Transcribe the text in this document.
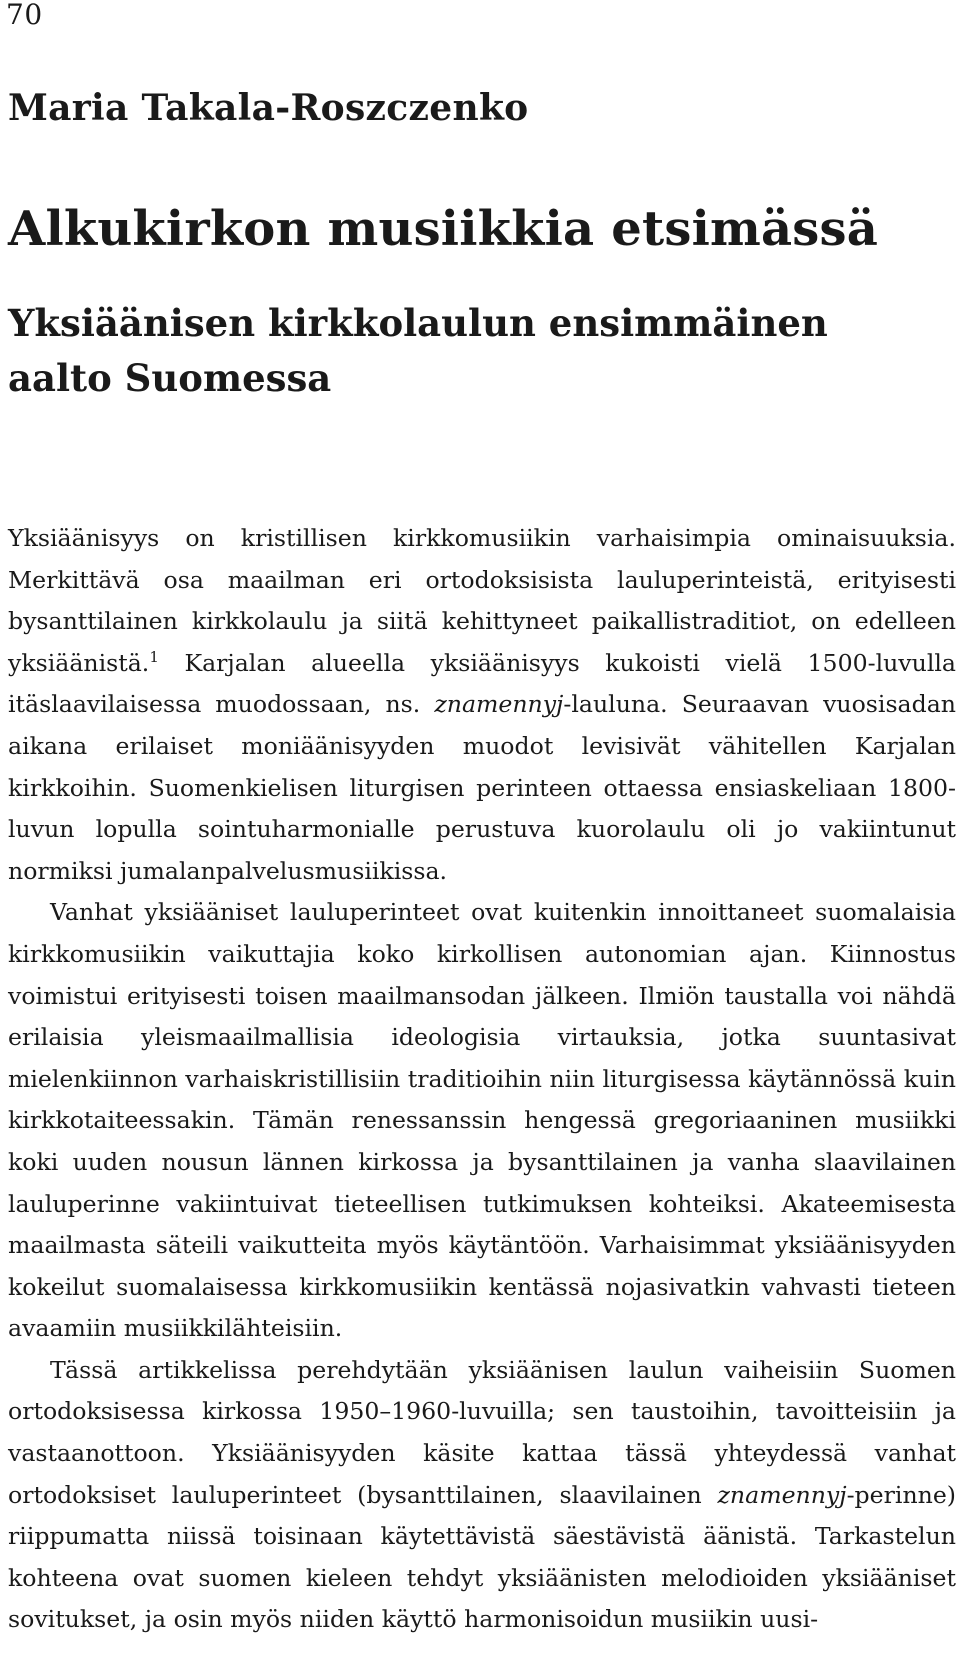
70
Maria Takala-Roszczenko
Alkukirkon musiikkia etsimässä
Yksiäänisen kirkkolaulun ensimmäinen aalto Suomessa

Yksiäänisyys on kristillisen kirkkomusiikin varhaisimpia ominaisuuksia. Merkittävä osa maailman eri ortodoksisista lauluperinteistä, erityisesti bysanttilainen kirkkolaulu ja siitä kehittyneet paikallistraditiot, on edelleen yksiäänistä.$^1$ Karjalan alueella yksiäänisyys kukoisti vielä 1500-luvulla itäslaavilaisessa muodossaan, ns. znamennyj-lauluna. Seuraavan vuosisadan aikana erilaiset moniäänisyyden muodot levisivät vähitellen Karjalan kirkkoihin. Suomenkielisen liturgisen perinteen ottaessa ensiaskeliaan 1800-luvun lopulla sointuharmonialle perustuva kuorolaulu oli jo vakiintunut normiksi jumalanpalvelusmusiikissa.

Vanhat yksiääniset lauluperinteet ovat kuitenkin innoittaneet suomalaisia kirkkomusiikin vaikuttajia koko kirkollisen autonomian ajan. Kiinnostus voimistui erityisesti toisen maailmansodan jälkeen. Ilmiön taustalla voi nähdä erilaisia yleismaailmallisia ideologisia virtauksia, jotka suuntasivat mielenkiinnon varhaiskristillisiin traditioihin niin liturgisessa käytännössä kuin kirkkotaiteessakin. Tämän renessanssin hengessä gregoriaaninen musiikki koki uuden nousun lännen kirkossa ja bysanttilainen ja vanha slaavilainen lauluperinne vakiintuivat tieteellisen tutkimuksen kohteiksi. Akateemisesta maailmasta säteili vaikutteita myös käytäntöön. Varhaisimmat yksiäänisyyden kokeilut suomalaisessa kirkkomusiikin kentässä nojasivatkin vahvasti tieteen avaamiin musiikkilähteisiin.

Tässä artikkelissa perehdytään yksiäänisen laulun vaiheisiin Suomen ortodoksisessa kirkossa 1950–1960-luvuilla; sen taustoihin, tavoitteisiin ja vastaanottoon. Yksiäänisyyden käsite kattaa tässä yhteydessä vanhat ortodoksiset lauluperinteet (bysanttilainen, slaavilainen znamennyj-perinne) riippumatta niissä toisinaan käytettävistä säestävistä äänistä. Tarkastelun kohteena ovat suomen kieleen tehdyt yksiäänisten melodioiden yksiääniset sovitukset, ja osin myös niiden käyttö harmonisoidun musiikin uusi-
